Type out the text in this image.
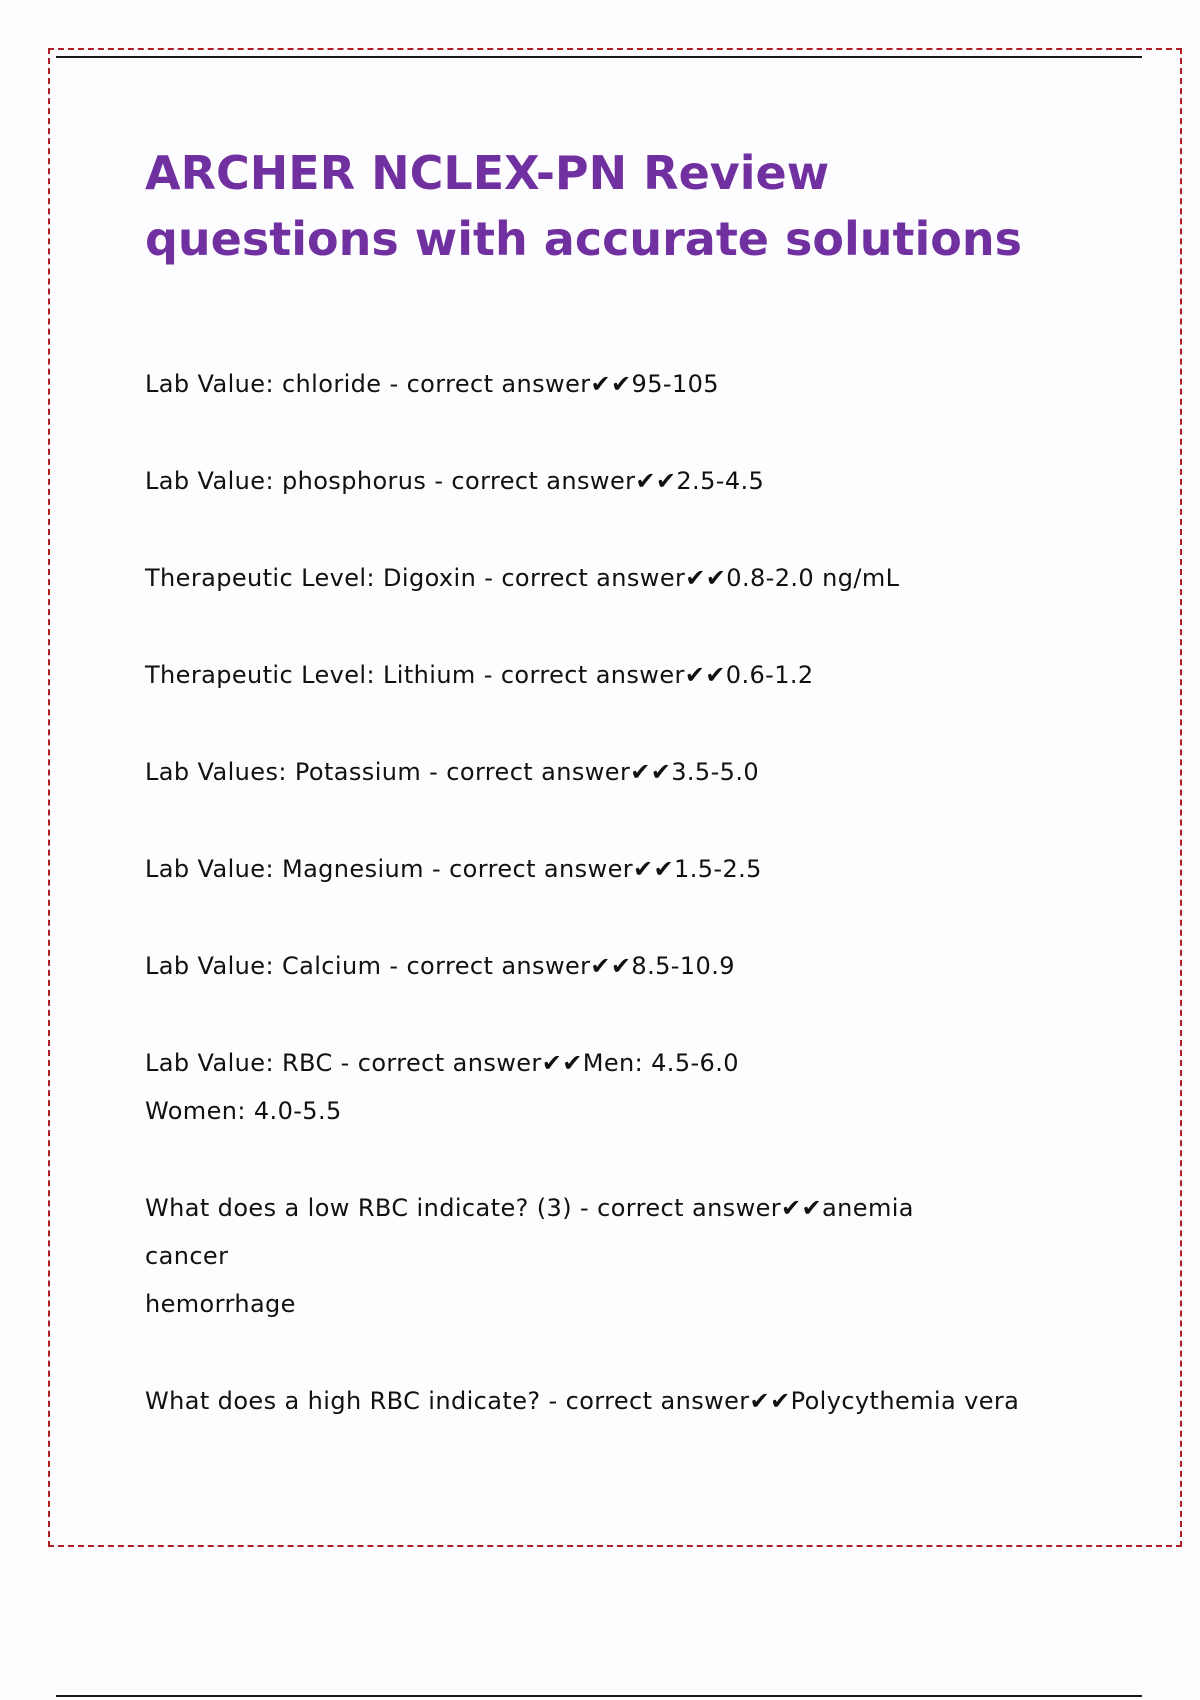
ARCHER NCLEX-PN Review
questions with accurate solutions
Lab Value: chloride - correct answer✔✔95-105
Lab Value: phosphorus - correct answer✔✔2.5-4.5
Therapeutic Level: Digoxin - correct answer✔✔0.8-2.0 ng/mL
Therapeutic Level: Lithium - correct answer✔✔0.6-1.2
Lab Values: Potassium - correct answer✔✔3.5-5.0
Lab Value: Magnesium - correct answer✔✔1.5-2.5
Lab Value: Calcium - correct answer✔✔8.5-10.9
Lab Value: RBC - correct answer✔✔Men: 4.5-6.0
Women: 4.0-5.5
What does a low RBC indicate? (3) - correct answer✔✔anemia
cancer
hemorrhage
What does a high RBC indicate? - correct answer✔✔Polycythemia vera
